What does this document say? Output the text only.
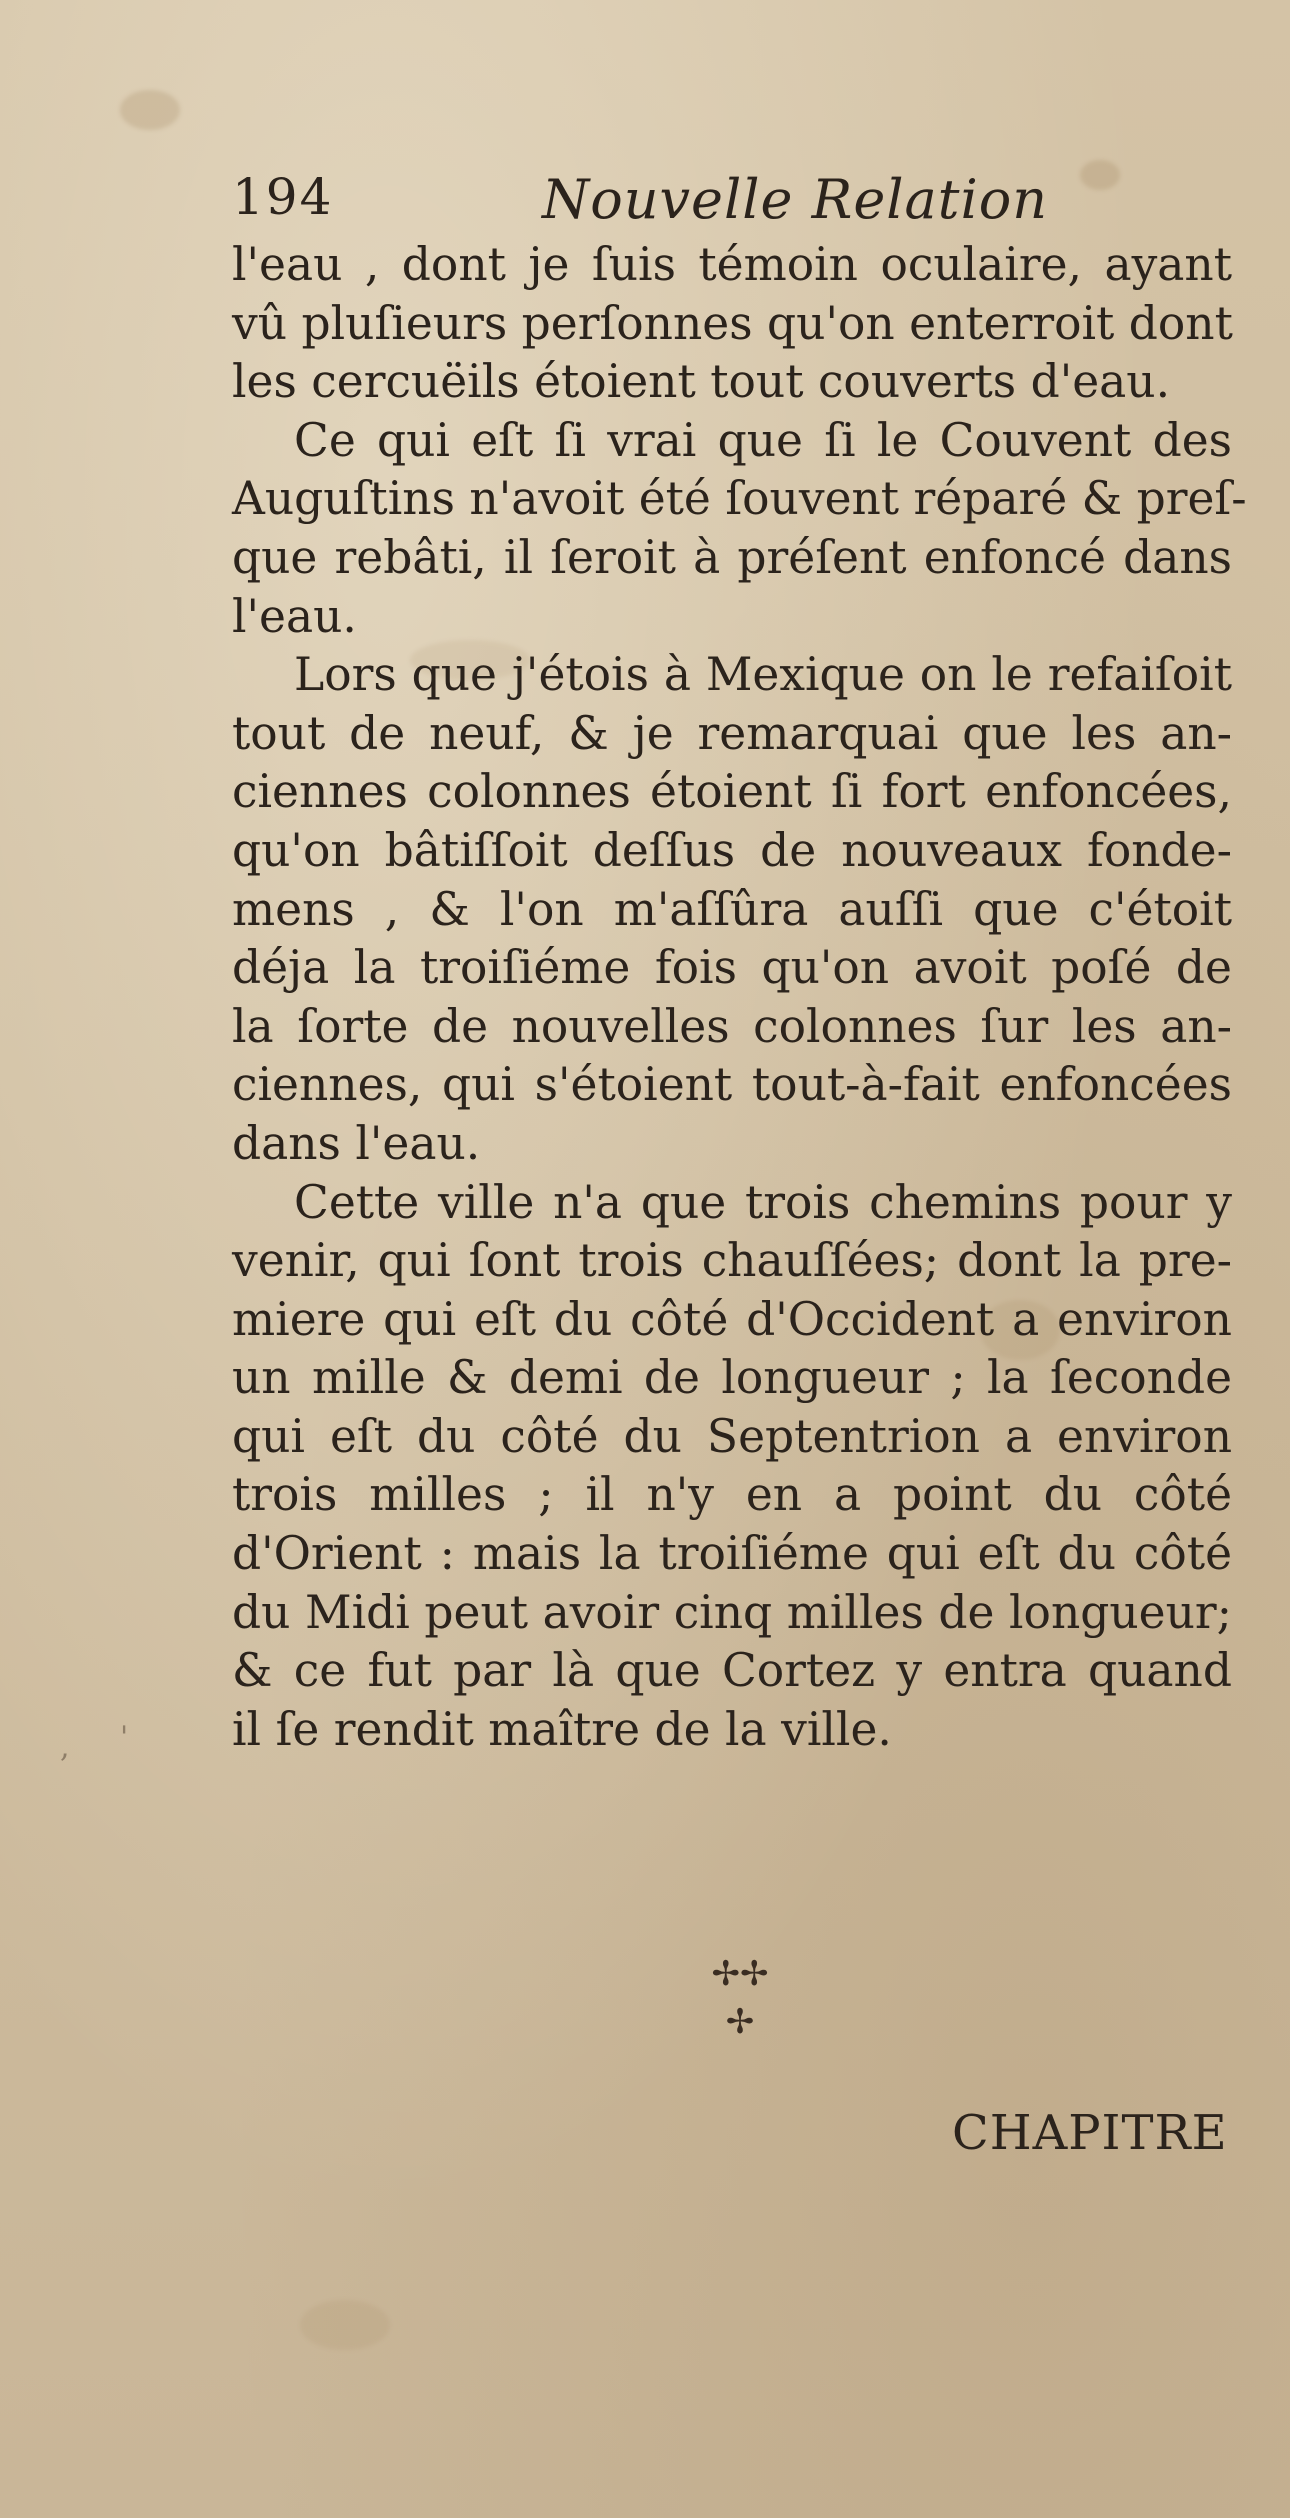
194	Nouvelle Relation

l'eau , dont je ſuis témoin oculaire, ayant
vû pluſieurs perſonnes qu'on enterroit dont
les cercuëils étoient tout couverts d'eau.

Ce qui eſt ſi vrai que ſi le Couvent des
Auguſtins n'avoit été ſouvent réparé & preſ-
que rebâti, il ſeroit à préſent enfoncé dans
l'eau.

Lors que j'étois à Mexique on le refaiſoit
tout de neuf, & je remarquai que les an-
ciennes colonnes étoient ſi fort enfoncées,
qu'on bâtiſſoit deſſus de nouveaux fonde-
mens , & l'on m'aſſûra auſſi que c'étoit
déja la troiſiéme fois qu'on avoit poſé de
la ſorte de nouvelles colonnes ſur les an-
ciennes, qui s'étoient tout-à-fait enfoncées
dans l'eau.

Cette ville n'a que trois chemins pour y
venir, qui ſont trois chauſſées; dont la pre-
miere qui eſt du côté d'Occident a environ
un mille & demi de longueur ; la ſeconde
qui eſt du côté du Septentrion a environ
trois milles ; il n'y en a point du côté
d'Orient : mais la troiſiéme qui eſt du côté
du Midi peut avoir cinq milles de longueur;
& ce fut par là que Cortez y entra quand
il ſe rendit maître de la ville.

✢✢
✢
CHAPITRE
, '
